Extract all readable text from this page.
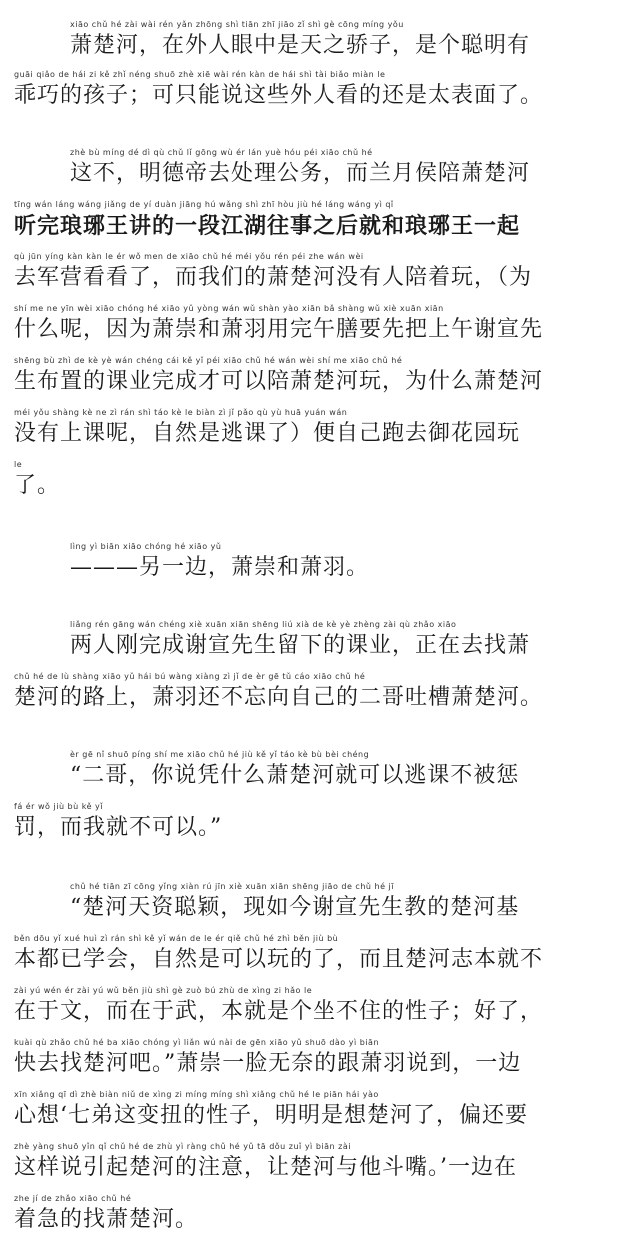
xiāo chǔ hé zài wài rén yǎn zhōng shì tiān zhī jiāo zǐ shì gè cōng míng yǒu
萧楚河，在外人眼中是天之骄子，是个聪明有
guāi qiǎo de hái zi kě zhǐ néng shuō zhè xiē wài rén kàn de hái shì tài biǎo miàn le
乖巧的孩子；可只能说这些外人看的还是太表面了。
zhè bù míng dé dì qù chǔ lǐ gōng wù ér lán yuè hóu péi xiāo chǔ hé
这不，明德帝去处理公务，而兰月侯陪萧楚河
tīng wán láng wáng jiǎng de yí duàn jiāng hú wǎng shì zhī hòu jiù hé láng wáng yì qǐ
听完琅琊王讲的一段江湖往事之后就和琅琊王一起
qù jūn yíng kàn kàn le ér wǒ men de xiāo chǔ hé méi yǒu rén péi zhe wán wèi
去军营看看了，而我们的萧楚河没有人陪着玩，（为
shí me ne yīn wèi xiāo chóng hé xiāo yǔ yòng wán wǔ shàn yào xiān bǎ shàng wǔ xiè xuān xiān
什么呢，因为萧崇和萧羽用完午膳要先把上午谢宣先
shēng bù zhì de kè yè wán chéng cái kě yǐ péi xiāo chǔ hé wán wèi shí me xiāo chǔ hé
生布置的课业完成才可以陪萧楚河玩，为什么萧楚河
méi yǒu shàng kè ne zì rán shì táo kè le biàn zì jǐ pǎo qù yù huā yuán wán
没有上课呢，自然是逃课了）便自己跑去御花园玩
le
了。
lìng yì biān xiāo chóng hé xiāo yǔ
———另一边，萧崇和萧羽。
liǎng rén gāng wán chéng xiè xuān xiān shēng liú xià de kè yè zhèng zài qù zhǎo xiāo
两人刚完成谢宣先生留下的课业，正在去找萧
chǔ hé de lù shàng xiāo yǔ hái bú wàng xiàng zì jǐ de èr gē tǔ cáo xiāo chǔ hé
楚河的路上，萧羽还不忘向自己的二哥吐槽萧楚河。
èr gē nǐ shuō píng shí me xiāo chǔ hé jiù kě yǐ táo kè bù bèi chéng
“二哥，你说凭什么萧楚河就可以逃课不被惩
fá ér wǒ jiù bù kě yǐ
罚，而我就不可以。”
chǔ hé tiān zī cōng yǐng xiàn rú jīn xiè xuān xiān shēng jiāo de chǔ hé jī
“楚河天资聪颖，现如今谢宣先生教的楚河基
běn dōu yǐ xué huì zì rán shì kě yǐ wán de le ér qiě chǔ hé zhì běn jiù bù
本都已学会，自然是可以玩的了，而且楚河志本就不
zài yú wén ér zài yú wǔ běn jiù shì gè zuò bú zhù de xìng zi hǎo le
在于文，而在于武，本就是个坐不住的性子；好了，
kuài qù zhǎo chǔ hé ba xiāo chóng yì liǎn wú nài de gēn xiāo yǔ shuō dào yì biān
快去找楚河吧。”萧崇一脸无奈的跟萧羽说到，一边
xīn xiǎng qī dì zhè biàn niǔ de xìng zi míng míng shì xiǎng chǔ hé le piān hái yào
心想‘七弟这变扭的性子，明明是想楚河了，偏还要
zhè yàng shuō yǐn qǐ chǔ hé de zhù yì ràng chǔ hé yǔ tā dǒu zuǐ yì biān zài
这样说引起楚河的注意，让楚河与他斗嘴。’一边在
zhe jí de zhǎo xiāo chǔ hé
着急的找萧楚河。
